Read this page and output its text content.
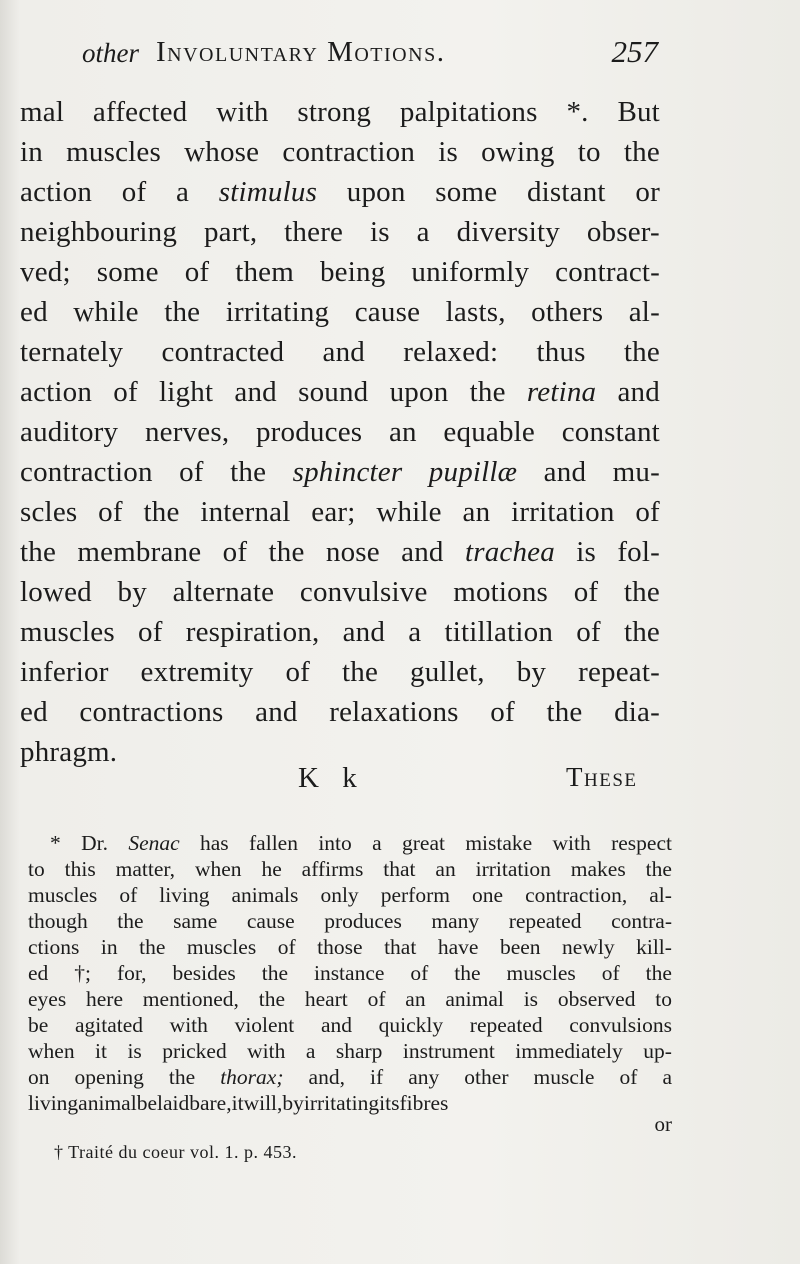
other Involuntary Motions.	257
mal affected with strong palpitations *. But
in muscles whose contraction is owing to the
action of a stimulus upon some distant or
neighbouring part, there is a diversity obser-
ved; some of them being uniformly contract-
ed while the irritating cause lasts, others al-
ternately contracted and relaxed: thus the
action of light and sound upon the retina and
auditory nerves, produces an equable constant
contraction of the sphincter pupillæ and mu-
scles of the internal ear; while an irritation of
the membrane of the nose and trachea is fol-
lowed by alternate convulsive motions of the
muscles of respiration, and a titillation of the
inferior extremity of the gullet, by repeat-
ed contractions and relaxations of the dia-
phragm.
K k	These
* Dr. Senac has fallen into a great mistake with respect
to this matter, when he affirms that an irritation makes the
muscles of living animals only perform one contraction, al-
though the same cause produces many repeated contra-
ctions in the muscles of those that have been newly kill-
ed †; for, besides the instance of the muscles of the
eyes here mentioned, the heart of an animal is observed to
be agitated with violent and quickly repeated convulsions
when it is pricked with a sharp instrument immediately up-
on opening the thorax; and, if any other muscle of a
living animal be laid bare, it will, by irritating its fibres
or
† Traité du coeur vol. 1. p. 453.
